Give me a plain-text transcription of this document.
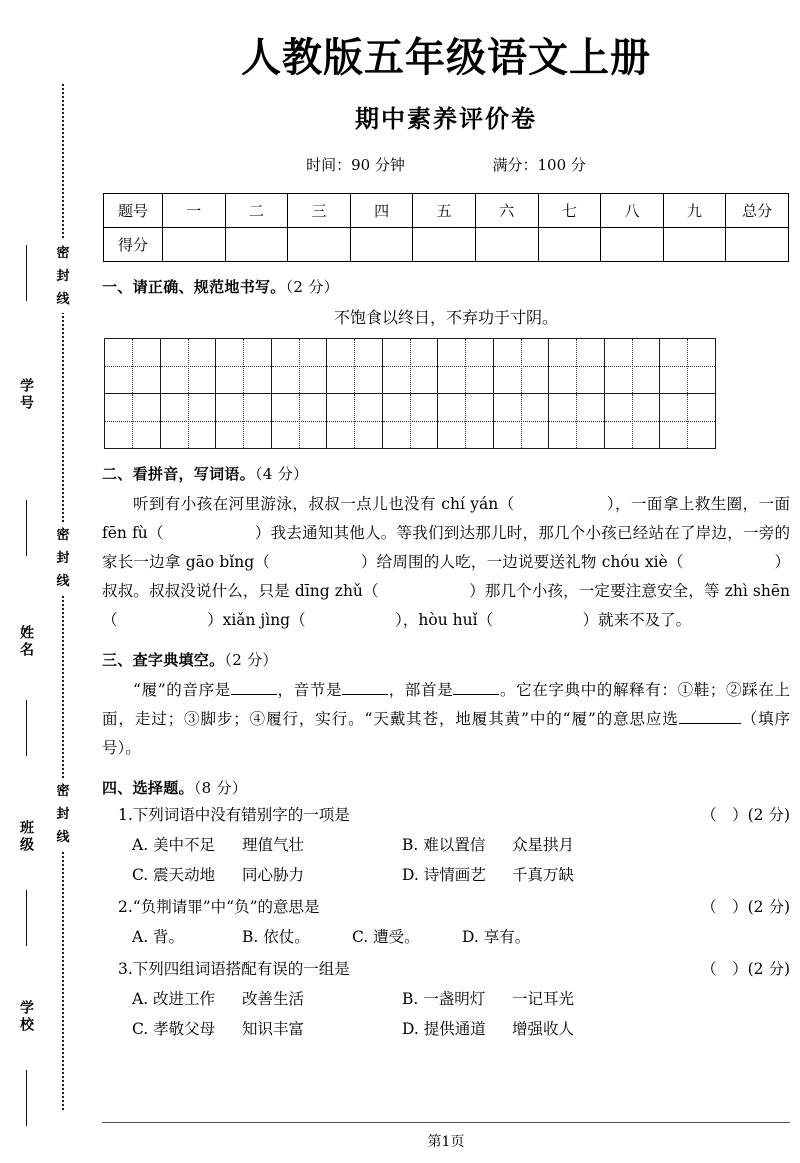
密
封
线
密
封
线
密
封
线
学号
姓名
班级
学校
人教版五年级语文上册
期中素养评价卷

时间：90 分钟	满分：100 分

题号	一	二	三	四	五	六	七	八	九	总分
得分										

一、请正确、规范地书写。（2 分）

不饱食以终日，不弃功于寸阴。

二、看拼音，写词语。（4 分）

听到有小孩在河里游泳，叔叔一点儿也没有 chí yán（	），一面拿上救生圈，一面 fēn fù（	）我去通知其他人。等我们到达那儿时，那几个小孩已经站在了岸边，一旁的家长一边拿 gāo bǐng（	）给周围的人吃，一边说要送礼物 chóu xiè（	）叔叔。叔叔没说什么，只是 dīng zhǔ（	）那几个小孩，一定要注意安全，等 zhì shēn（	）xiǎn jìng（	），hòu huǐ（	）就来不及了。

三、查字典填空。（2 分）

“履”的音序是	，音节是	，部首是	。它在字典中的解释有：①鞋；②踩在上面，走过；③脚步；④履行，实行。“天戴其苍，地履其黄”中的“履”的意思应选	（填序号）。

四、选择题。（8 分）

1.下列词语中没有错别字的一项是	（　）(2 分)

A. 美中不足	理值气壮	B. 难以置信	众星拱月
C. 震天动地	同心胁力	D. 诗情画艺	千真万缺

2.“负荆请罪”中“负”的意思是	（　）(2 分)

A. 背。	B. 依仗。	C. 遭受。	D. 享有。

3.下列四组词语搭配有误的一组是	（　）(2 分)

A. 改进工作	改善生活	B. 一盏明灯	一记耳光
C. 孝敬父母	知识丰富	D. 提供通道	增强收人
第1页
